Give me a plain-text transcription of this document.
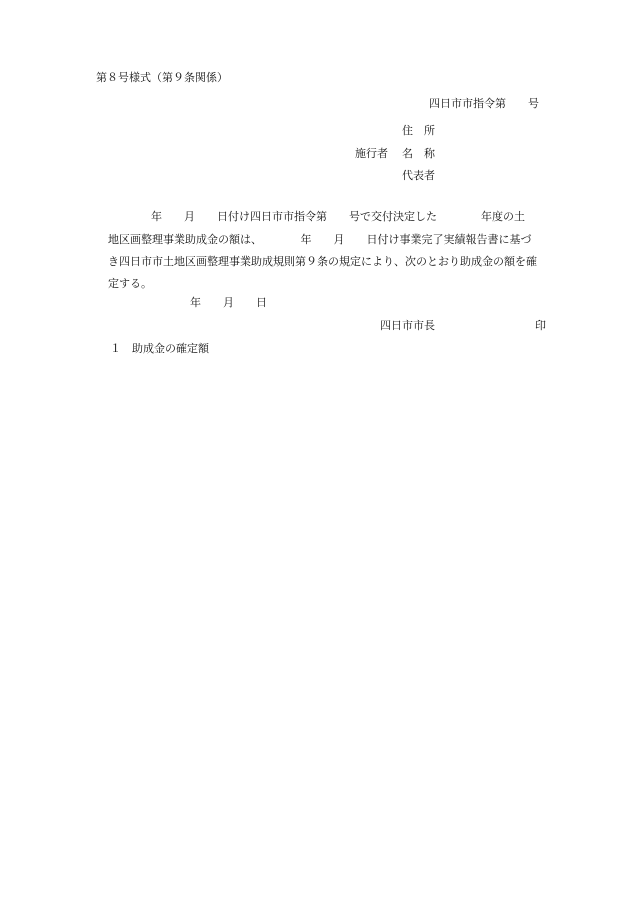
第８号様式（第９条関係）
四日市市指令第　　号
住　所
施行者 名　称
代表者
　　　　　年　　月　　日付け四日市市指令第　　号で交付決定した　　　　年度の土
地区画整理事業助成金の額は、　　　　年　　月　　日付け事業完了実績報告書に基づ
き四日市市土地区画整理事業助成規則第９条の規定により、次のとおり助成金の額を確
定する。
年　　月　　日
四日市市長	印
１　助成金の確定額
